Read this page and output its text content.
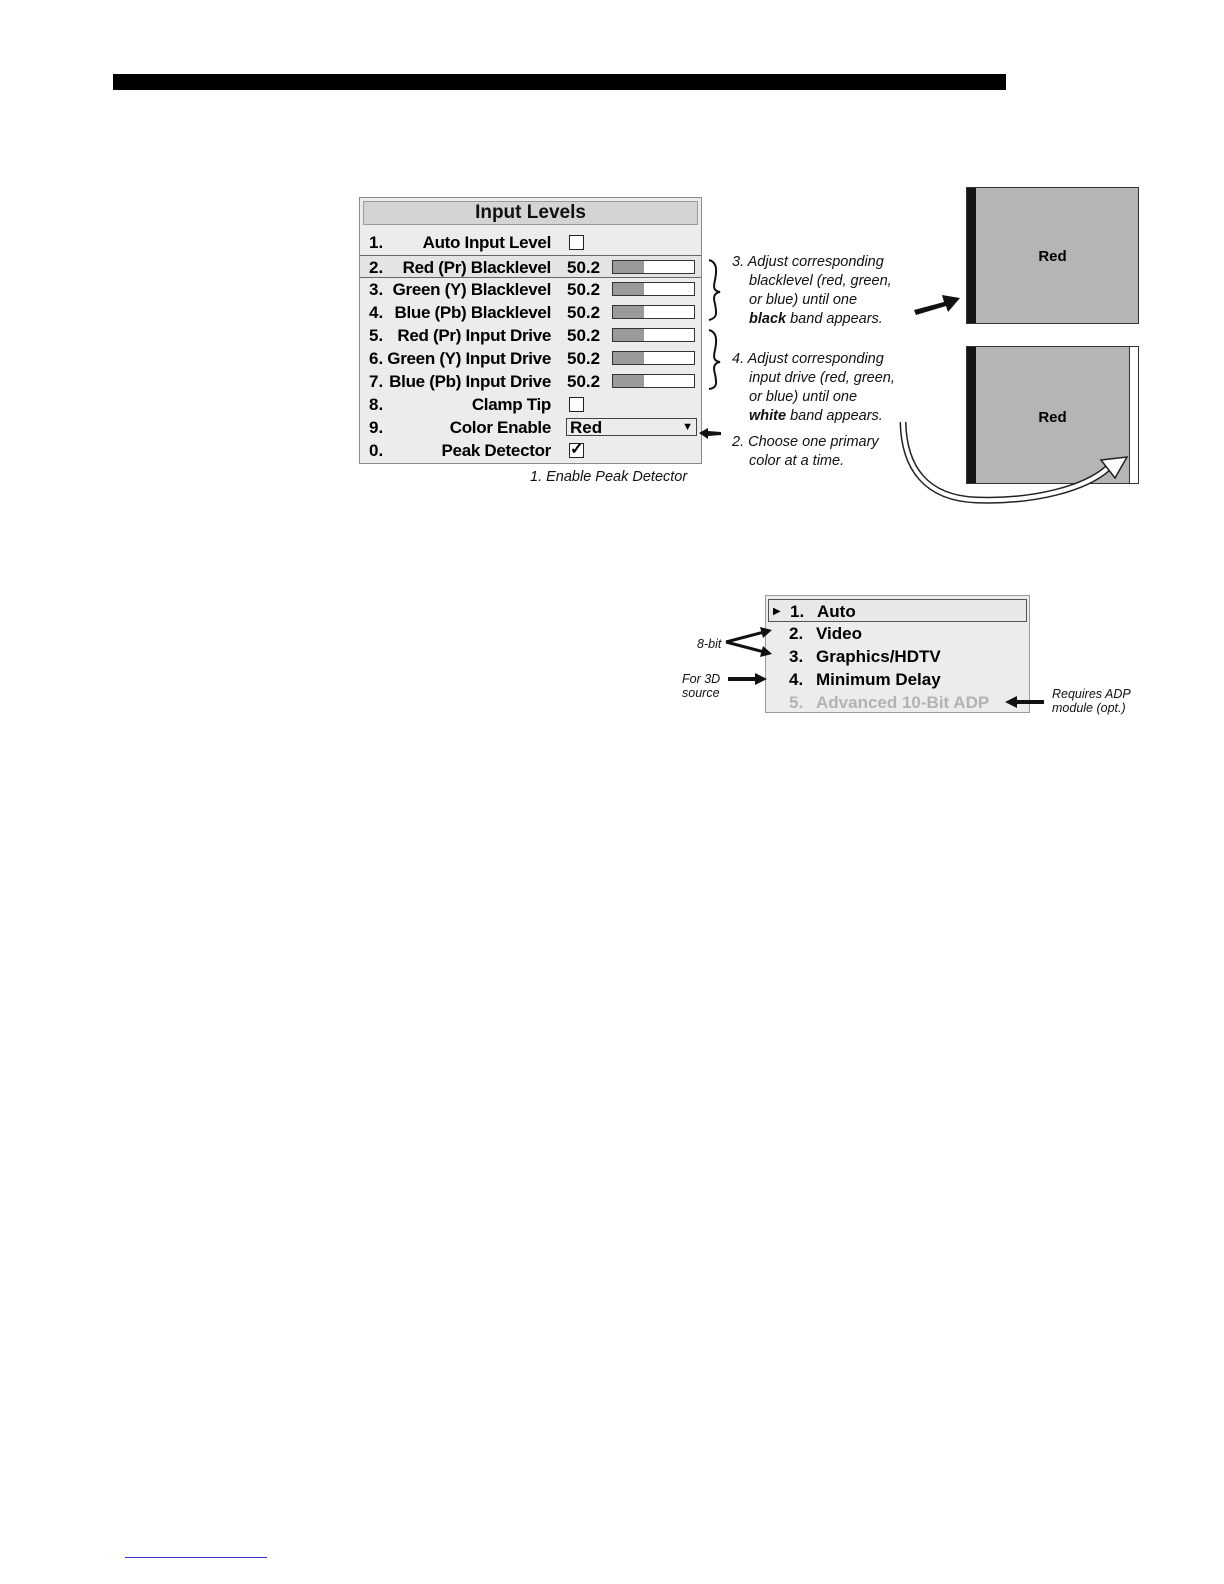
Input Levels
1. Auto Input Level
2. Red (Pr) Blacklevel 50.2
3. Green (Y) Blacklevel 50.2
4. Blue (Pb) Blacklevel 50.2
5. Red (Pr) Input Drive 50.2
6. Green (Y) Input Drive 50.2
7. Blue (Pb) Input Drive 50.2
8.	Clamp Tip
9.	Color Enable Red	▼
0.	Peak Detector ✓
1. Enable Peak Detector
2. Choose one primary
color at a time.
3. Adjust corresponding
blacklevel (red, green,
or blue) until one
black band appears.
4. Adjust corresponding
input drive (red, green,
or blue) until one
white band appears.
Red
Red
▶ 1. Auto
2. Video
3. Graphics/HDTV
4. Minimum Delay
5. Advanced 10-Bit ADP
8-bit
For 3D
source	Requires ADP
module (opt.)
